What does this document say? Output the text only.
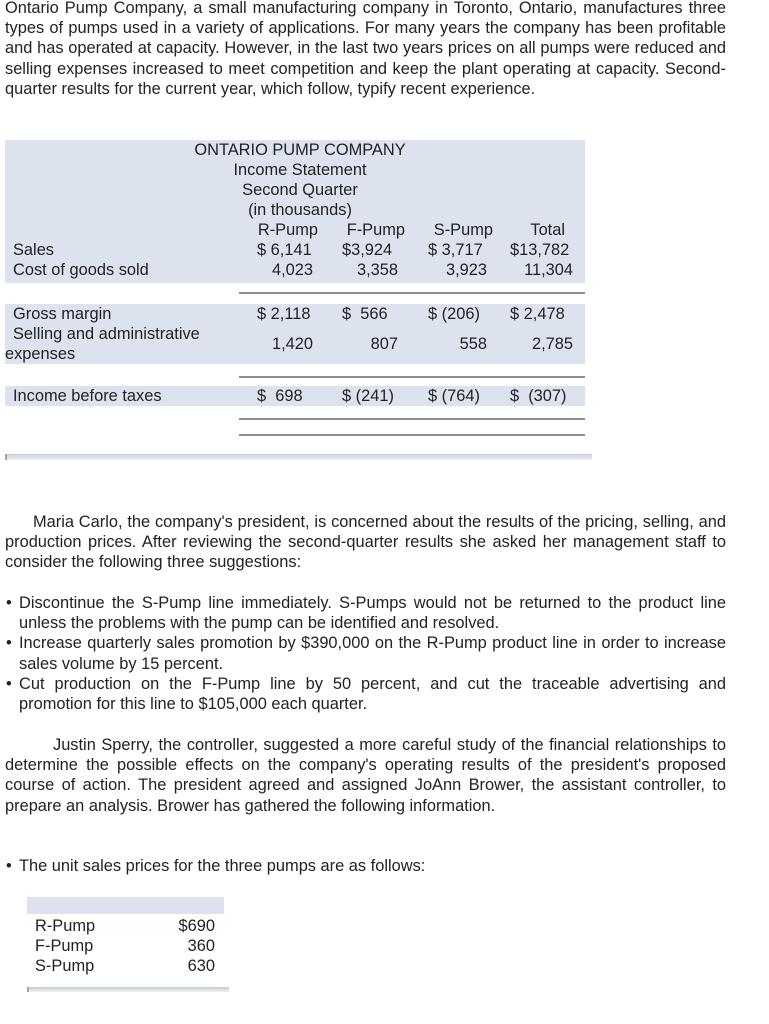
Ontario Pump Company, a small manufacturing company in Toronto, Ontario, manufactures three types of pumps used in a variety of applications. For many years the company has been profitable and has operated at capacity. However, in the last two years prices on all pumps were reduced and selling expenses increased to meet competition and keep the plant operating at capacity. Second-quarter results for the current year, which follow, typify recent experience.

ONTARIO PUMP COMPANY
Income Statement
Second Quarter
(in thousands)
R-Pump	F-Pump	S-Pump	Total
Sales	$ 6,141 $3,924 $ 3,717 $13,782
Cost of goods sold	4,023	3,358	3,923	11,304
Gross margin	$ 2,118 $  566 $ (206) $ 2,478
Selling and administrative
expenses
1,420	807	558	2,785
Income before taxes	$  698 $ (241) $ (764) $  (307)

Maria Carlo, the company's president, is concerned about the results of the pricing, selling, and production prices. After reviewing the second-quarter results she asked her management staff to consider the following three suggestions:

• Discontinue the S-Pump line immediately. S-Pumps would not be returned to the product line unless the problems with the pump can be identified and resolved.
• Increase quarterly sales promotion by $390,000 on the R-Pump product line in order to increase sales volume by 15 percent.
• Cut production on the F-Pump line by 50 percent, and cut the traceable advertising and promotion for this line to $105,000 each quarter.

Justin Sperry, the controller, suggested a more careful study of the financial relationships to determine the possible effects on the company's operating results of the president's proposed course of action. The president agreed and assigned JoAnn Brower, the assistant controller, to prepare an analysis. Brower has gathered the following information.

• The unit sales prices for the three pumps are as follows:
R-Pump	$690
F-Pump	360
S-Pump	630
